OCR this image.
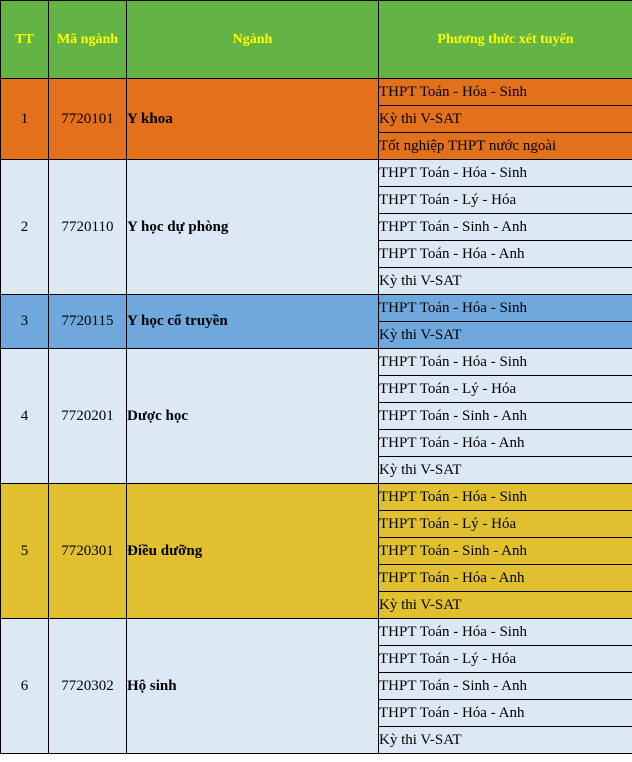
TT	Mã ngành	Ngành	Phương thức xét tuyển
1	7720101	Y khoa	THPT Toán - Hóa - Sinh
			Kỳ thi V-SAT
			Tốt nghiệp THPT nước ngoài
2	7720110	Y học dự phòng	THPT Toán - Hóa - Sinh
			THPT Toán - Lý - Hóa
			THPT Toán - Sinh - Anh
			THPT Toán - Hóa - Anh
			Kỳ thi V-SAT
3	7720115	Y học cổ truyền	THPT Toán - Hóa - Sinh
			Kỳ thi V-SAT
4	7720201	Dược học	THPT Toán - Hóa - Sinh
			THPT Toán - Lý - Hóa
			THPT Toán - Sinh - Anh
			THPT Toán - Hóa - Anh
			Kỳ thi V-SAT
5	7720301	Điều dưỡng	THPT Toán - Hóa - Sinh
			THPT Toán - Lý - Hóa
			THPT Toán - Sinh - Anh
			THPT Toán - Hóa - Anh
			Kỳ thi V-SAT
6	7720302	Hộ sinh	THPT Toán - Hóa - Sinh
			THPT Toán - Lý - Hóa
			THPT Toán - Sinh - Anh
			THPT Toán - Hóa - Anh
			Kỳ thi V-SAT
